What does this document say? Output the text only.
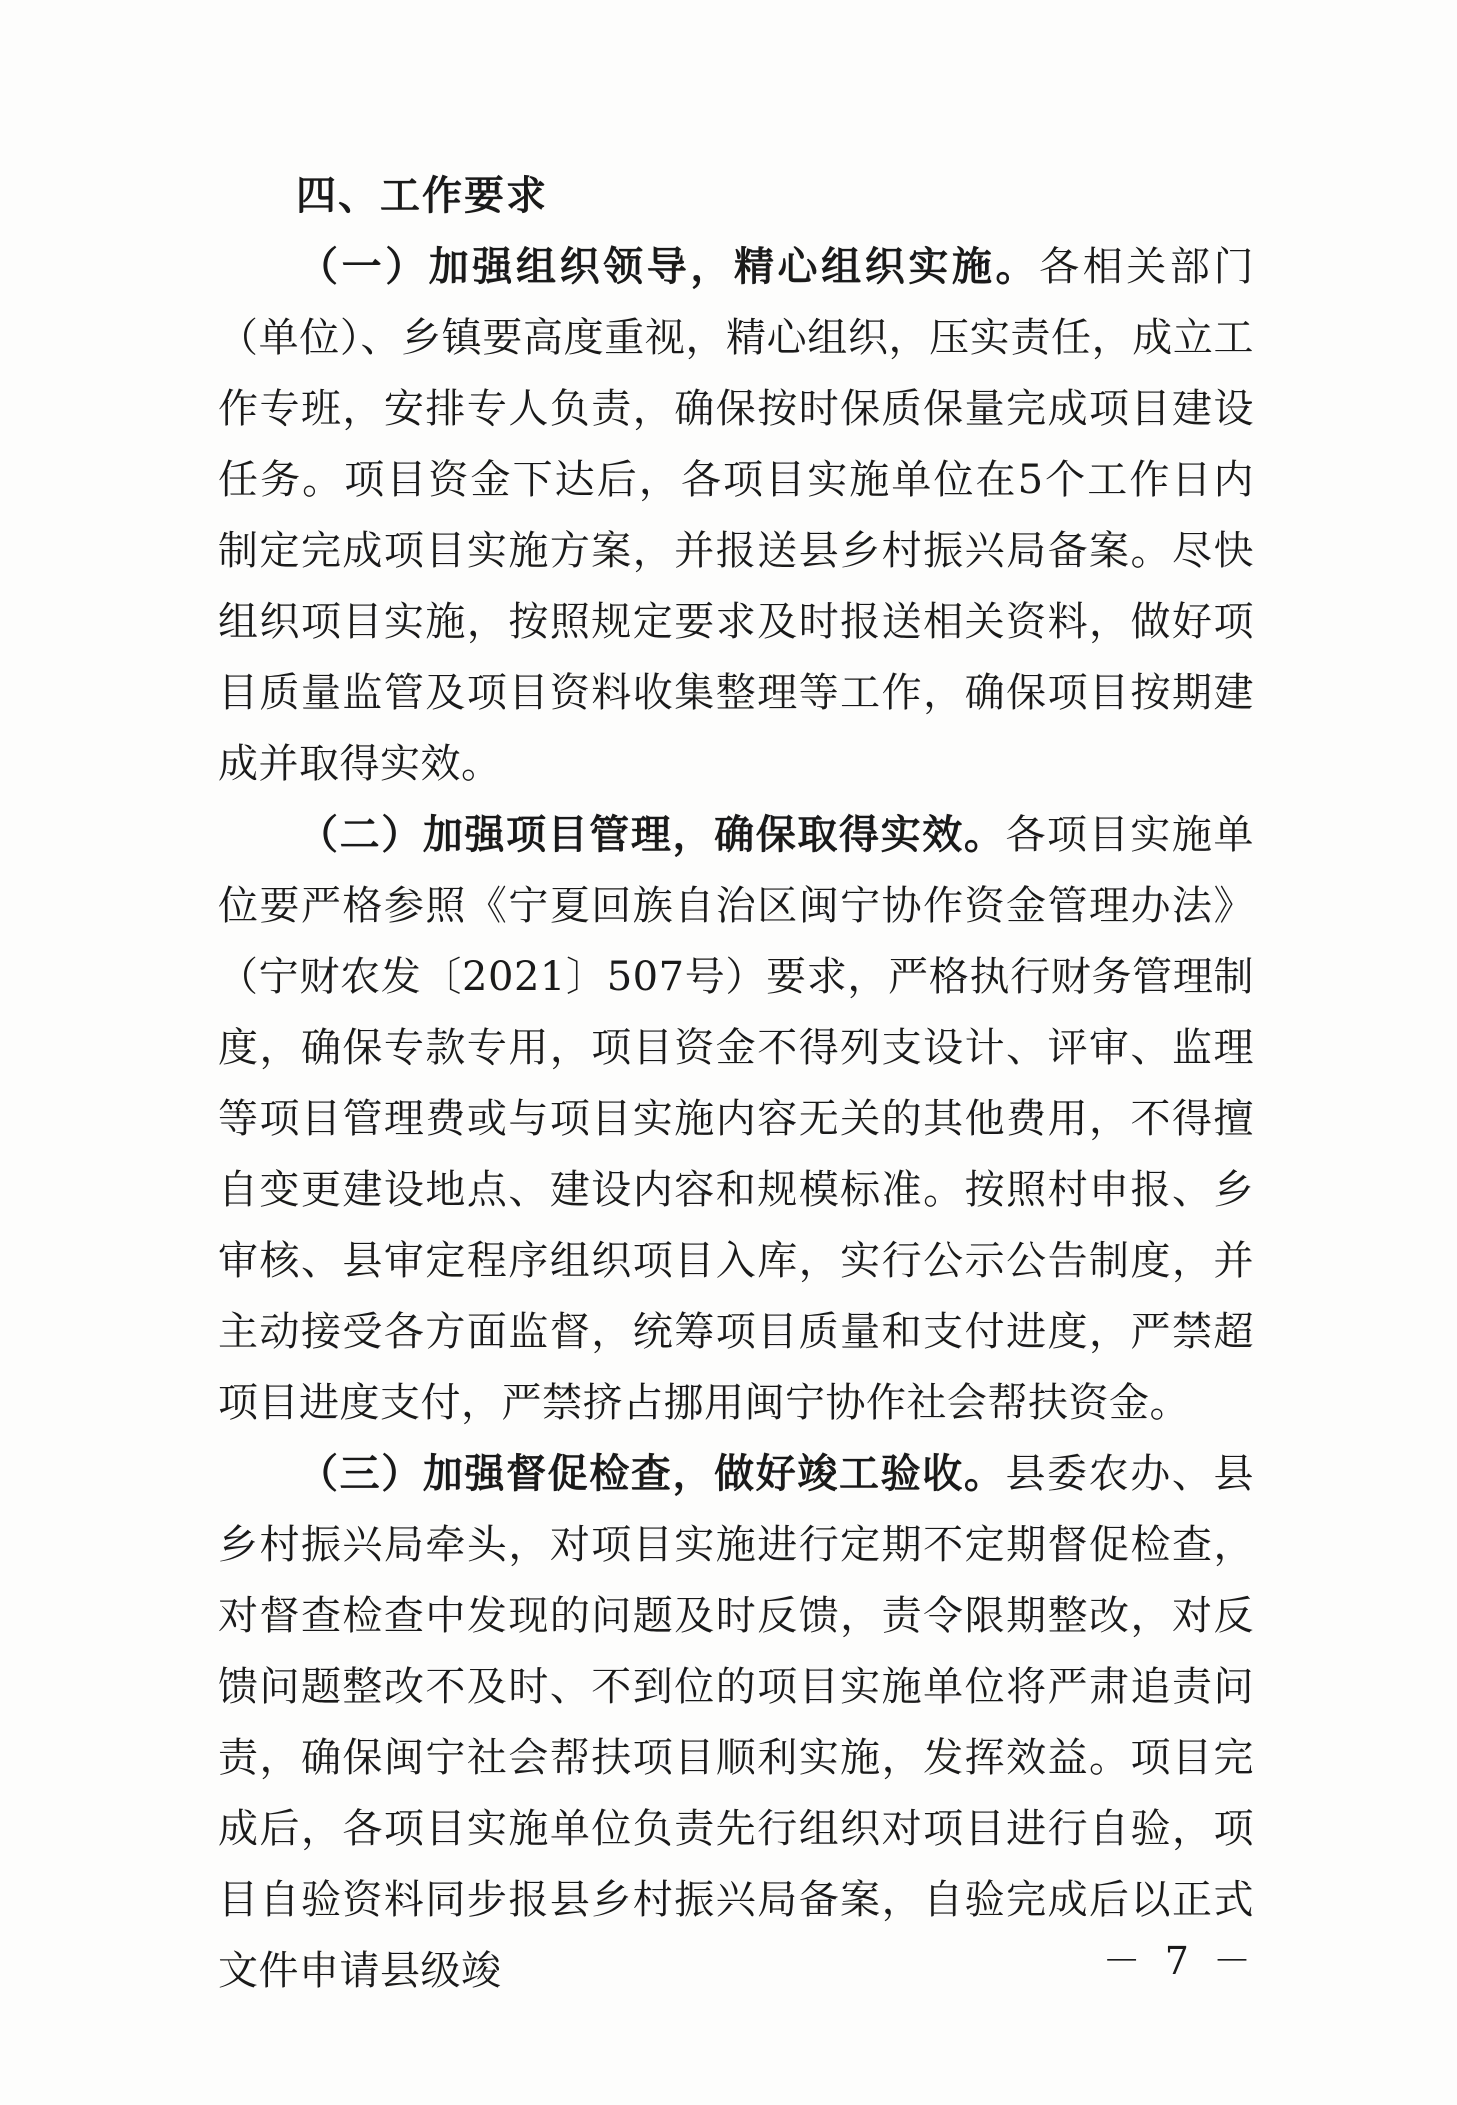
四、工作要求

（一）加强组织领导，精心组织实施。各相关部门（单位）、乡镇要高度重视，精心组织，压实责任，成立工作专班，安排专人负责，确保按时保质保量完成项目建设任务。项目资金下达后，各项目实施单位在5个工作日内制定完成项目实施方案，并报送县乡村振兴局备案。尽快组织项目实施，按照规定要求及时报送相关资料，做好项目质量监管及项目资料收集整理等工作，确保项目按期建成并取得实效。

（二）加强项目管理，确保取得实效。各项目实施单位要严格参照《宁夏回族自治区闽宁协作资金管理办法》（宁财农发〔2021〕507号）要求，严格执行财务管理制度，确保专款专用，项目资金不得列支设计、评审、监理等项目管理费或与项目实施内容无关的其他费用，不得擅自变更建设地点、建设内容和规模标准。按照村申报、乡审核、县审定程序组织项目入库，实行公示公告制度，并主动接受各方面监督，统筹项目质量和支付进度，严禁超项目进度支付，严禁挤占挪用闽宁协作社会帮扶资金。

（三）加强督促检查，做好竣工验收。县委农办、县乡村振兴局牵头，对项目实施进行定期不定期督促检查，对督查检查中发现的问题及时反馈，责令限期整改，对反馈问题整改不及时、不到位的项目实施单位将严肃追责问责，确保闽宁社会帮扶项目顺利实施，发挥效益。项目完成后，各项目实施单位负责先行组织对项目进行自验，项目自验资料同步报县乡村振兴局备案，自验完成后以正式文件申请县级竣	－ 7 －
